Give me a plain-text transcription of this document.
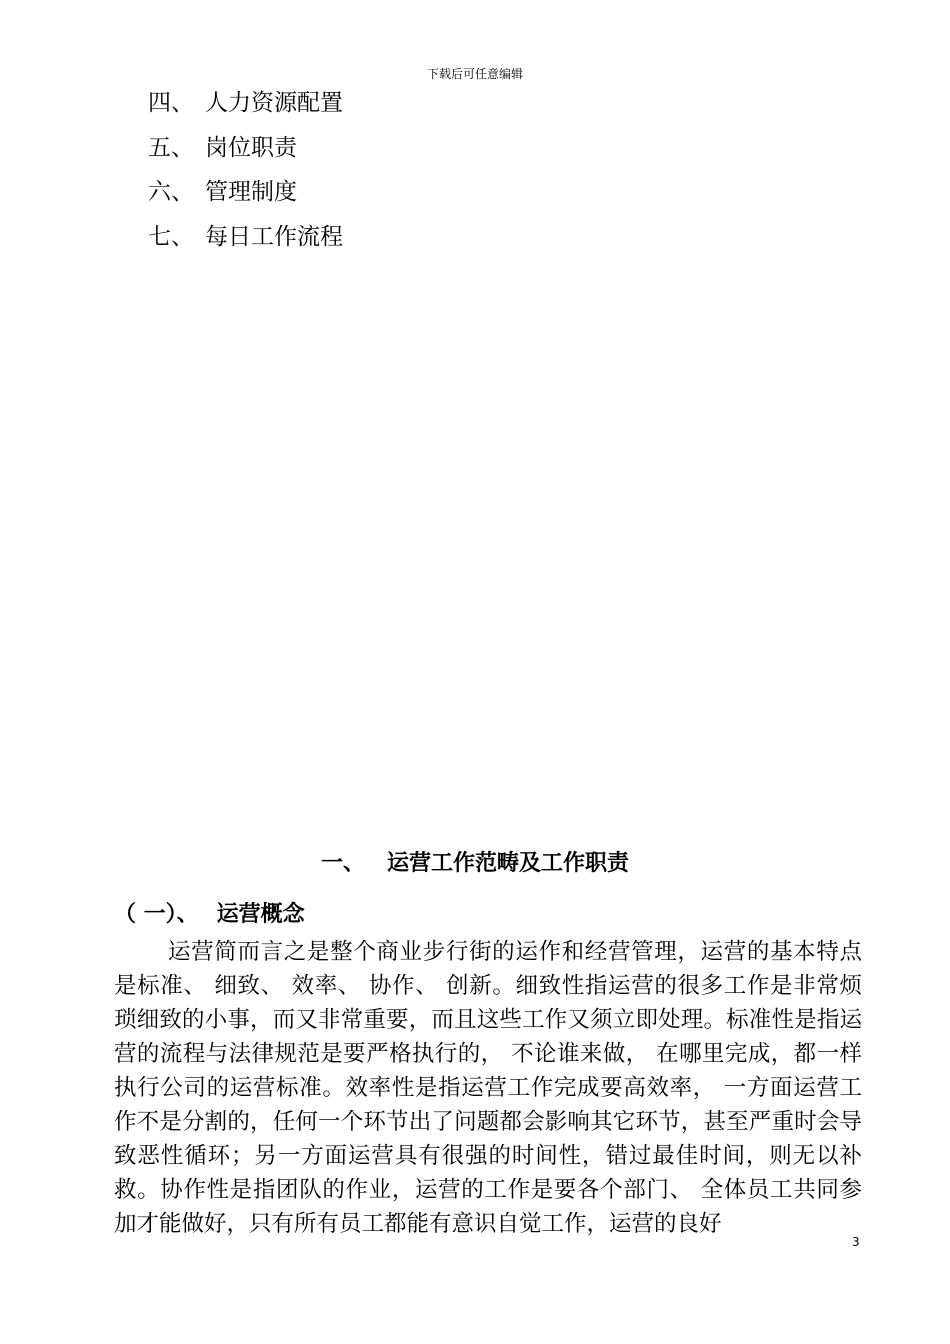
下载后可任意编辑
四、 人力资源配置
五、 岗位职责
六、 管理制度
七、 每日工作流程
一、 运营工作范畴及工作职责
（ 一）、 运营概念

运营简而言之是整个商业步行街的运作和经营管理，运营的基本特点是标准、 细致、 效率、 协作、 创新。细致性指运营的很多工作是非常烦琐细致的小事，而又非常重要，而且这些工作又须立即处理。标准性是指运营的流程与法律规范是要严格执行的， 不论谁来做， 在哪里完成，都一样执行公司的运营标准。效率性是指运营工作完成要高效率， 一方面运营工作不是分割的，任何一个环节出了问题都会影响其它环节，甚至严重时会导致恶性循环；另一方面运营具有很强的时间性，错过最佳时间，则无以补救。协作性是指团队的作业，运营的工作是要各个部门、 全体员工共同参加才能做好，只有所有员工都能有意识自觉工作，运营的良好

3
